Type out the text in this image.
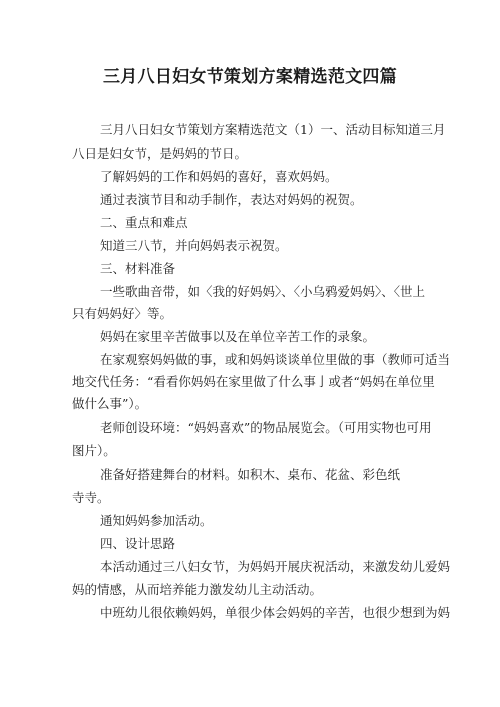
三月八日妇女节策划方案精选范文四篇
三月八日妇女节策划方案精选范文（1）一、活动目标知道三月
八日是妇女节，是妈妈的节日。
了解妈妈的工作和妈妈的喜好，喜欢妈妈。
通过表演节目和动手制作，表达对妈妈的祝贺。
二、重点和难点
知道三八节，并向妈妈表示祝贺。
三、材料准备
一些歌曲音带，如〈我的好妈妈〉、〈小乌鸦爱妈妈〉、〈世上
只有妈妈好〉等。
妈妈在家里辛苦做事以及在单位辛苦工作的录象。
在家观察妈妈做的事，或和妈妈谈谈单位里做的事（教师可适当
地交代任务：“看看你妈妈在家里做了什么事亅或者“妈妈在单位里
做什么事”）。
老师创设环境：“妈妈喜欢”的物品展览会。（可用实物也可用
图片）。
准备好搭建舞台的材料。如积木、桌布、花盆、彩色纸
寺寺。
通知妈妈参加活动。
四、设计思路
本活动通过三八妇女节，为妈妈开展庆祝活动，来激发幼儿爱妈
妈的情感，从而培养能力激发幼儿主动活动。
中班幼儿很依赖妈妈，单很少体会妈妈的辛苦，也很少想到为妈
